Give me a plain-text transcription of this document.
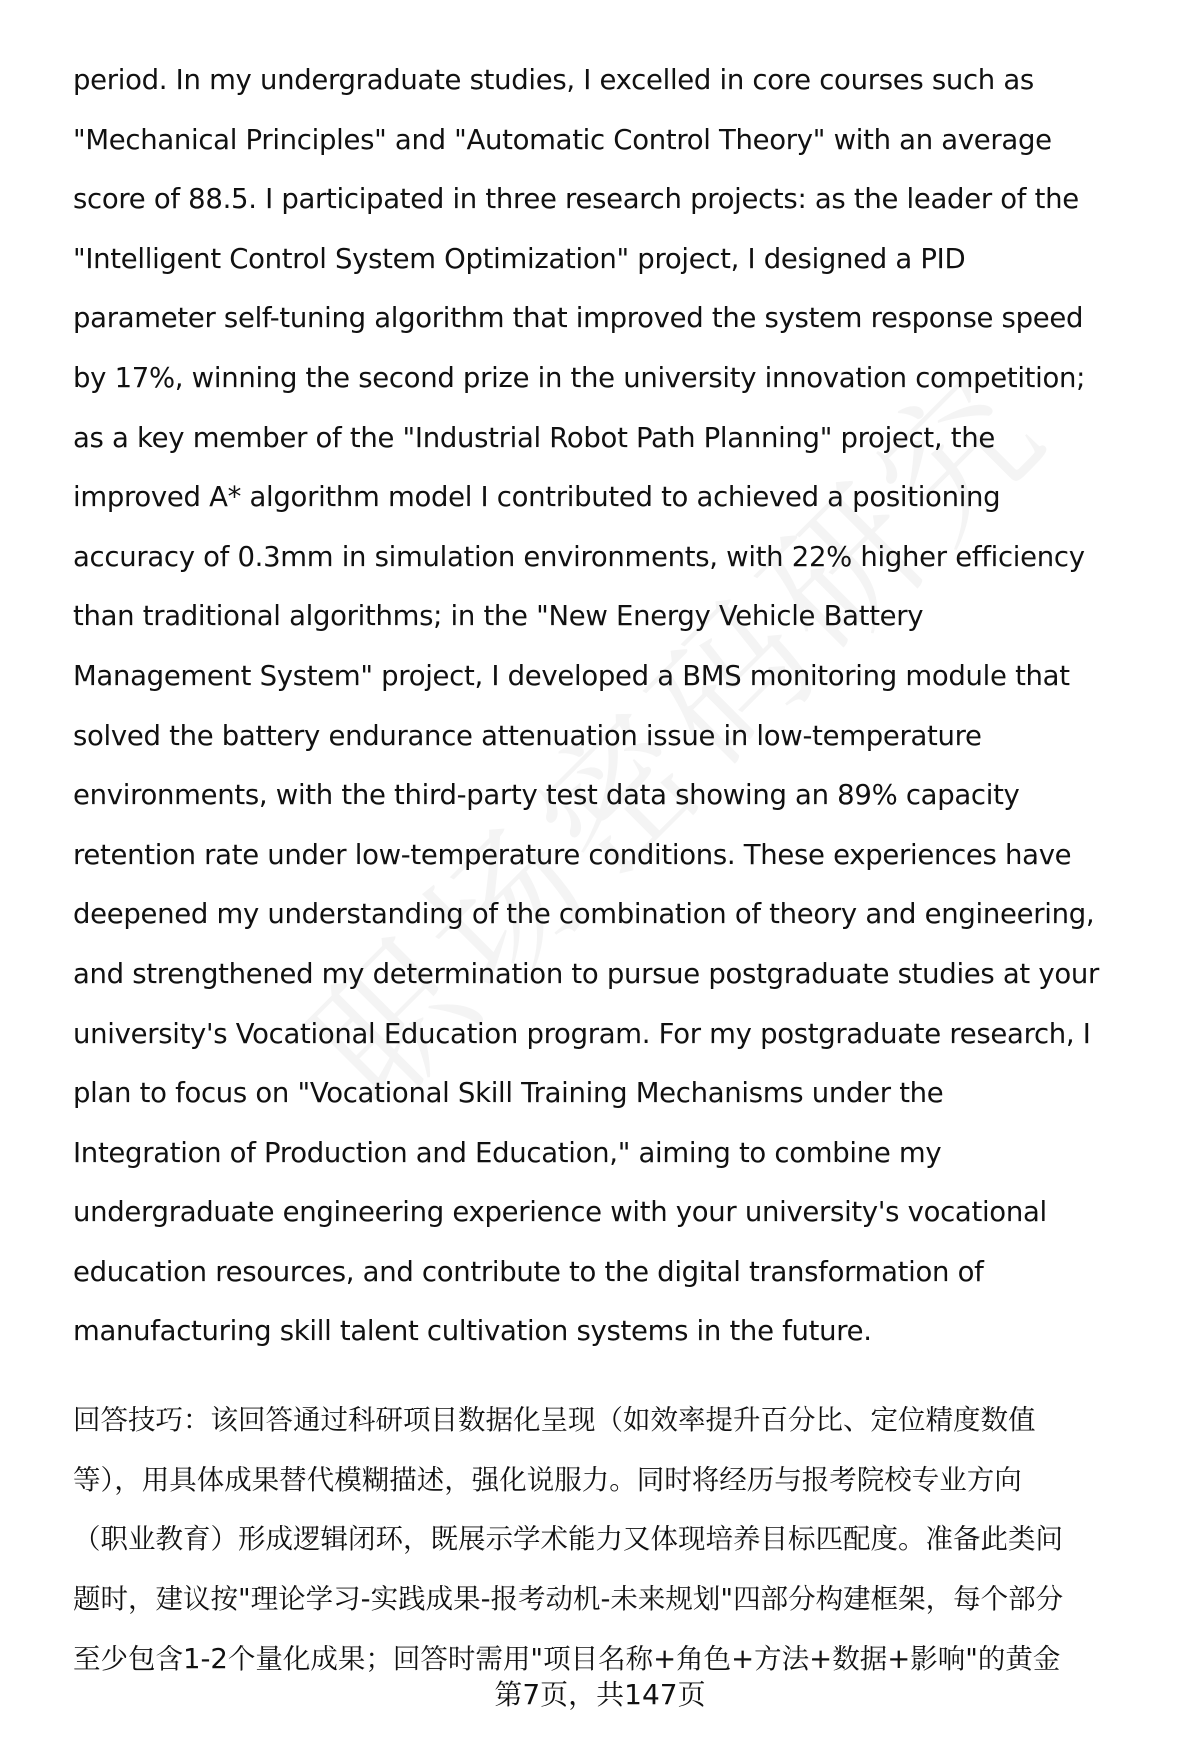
period. In my undergraduate studies, I excelled in core courses such as
"Mechanical Principles" and "Automatic Control Theory" with an average
score of 88.5. I participated in three research projects: as the leader of the
"Intelligent Control System Optimization" project, I designed a PID
parameter self-tuning algorithm that improved the system response speed
by 17%, winning the second prize in the university innovation competition;
as a key member of the "Industrial Robot Path Planning" project, the
improved A* algorithm model I contributed to achieved a positioning
accuracy of 0.3mm in simulation environments, with 22% higher efficiency
than traditional algorithms; in the "New Energy Vehicle Battery
Management System" project, I developed a BMS monitoring module that
solved the battery endurance attenuation issue in low-temperature
environments, with the third-party test data showing an 89% capacity
retention rate under low-temperature conditions. These experiences have
deepened my understanding of the combination of theory and engineering,
and strengthened my determination to pursue postgraduate studies at your
university's Vocational Education program. For my postgraduate research, I
plan to focus on "Vocational Skill Training Mechanisms under the
Integration of Production and Education," aiming to combine my
undergraduate engineering experience with your university's vocational
education resources, and contribute to the digital transformation of
manufacturing skill talent cultivation systems in the future.
回答技巧：该回答通过科研项目数据化呈现（如效率提升百分比、定位精度数值
等），用具体成果替代模糊描述，强化说服力。同时将经历与报考院校专业方向
（职业教育）形成逻辑闭环，既展示学术能力又体现培养目标匹配度。准备此类问
题时，建议按"理论学习-实践成果-报考动机-未来规划"四部分构建框架，每个部分
至少包含1-2个量化成果；回答时需用"项目名称+角色+方法+数据+影响"的黄金
第7页，共147页
